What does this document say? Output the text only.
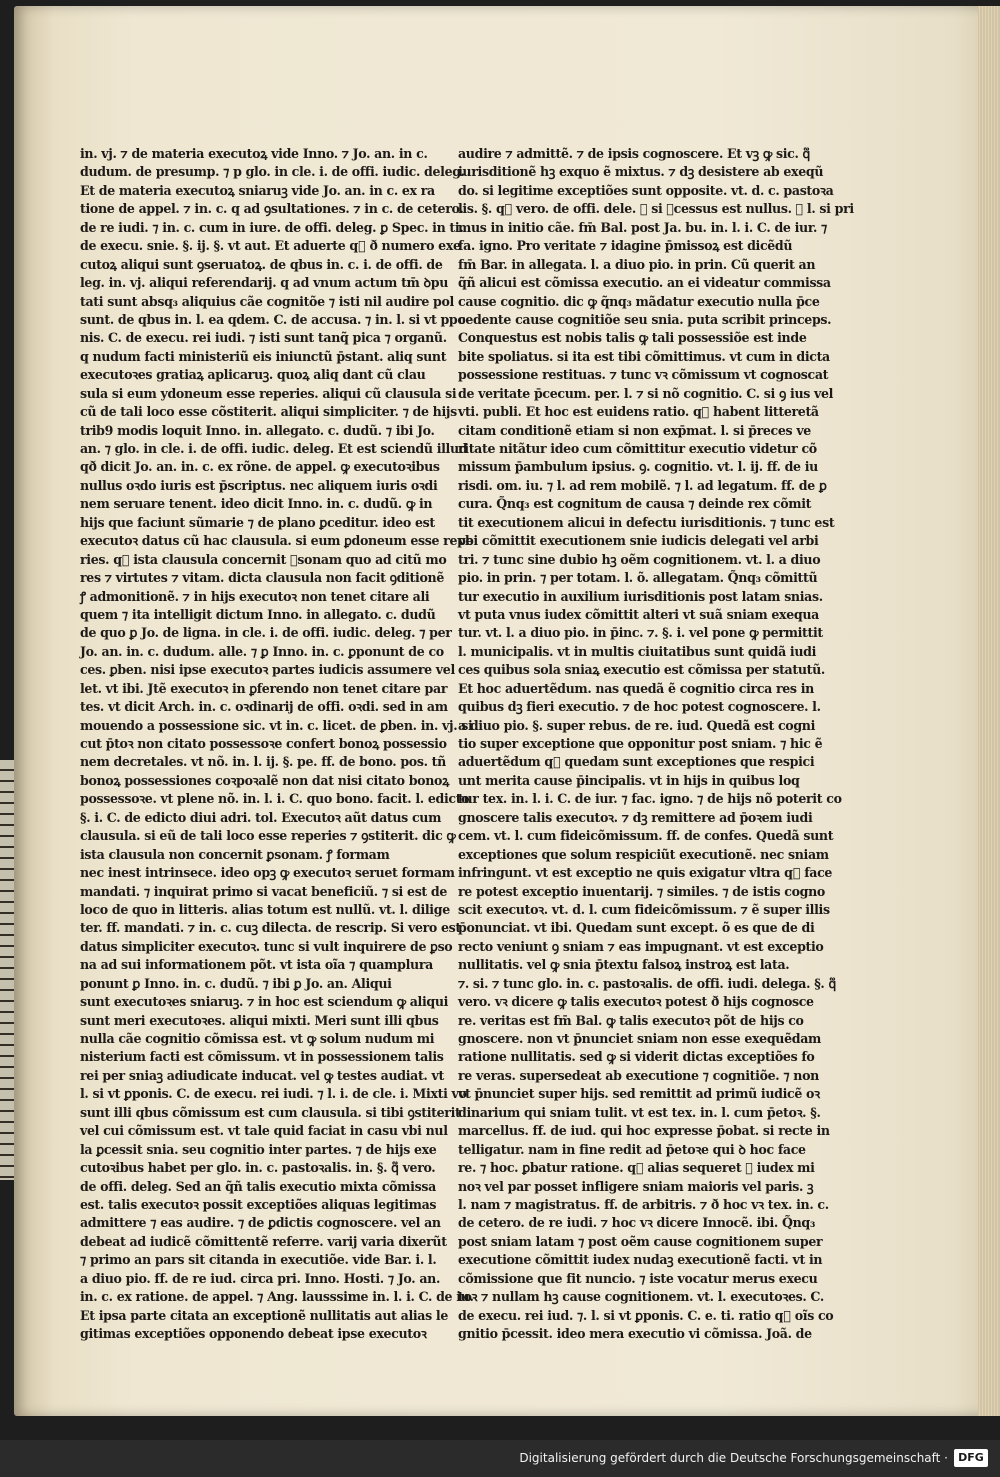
in. vj. ⁊ de materia executoꝝ vide Inno. ⁊ Jo. an. in c.
dudum. de presump. ⁊ p glo. in cle. i. de offi. iudic. deleg.
Et de materia executoꝝ sniaruꝫ vide Jo. an. in c. ex ra
tione de appel. ⁊ in. c. q ad ꝯsultationes. ⁊ in c. de cetero.
de re iudi. ⁊ in. c. cum in iure. de offi. deleg. ꝑ Spec. in ti.
de execu. snie. §. ij. §. vt aut. Et aduerte q᷑ ð numero exe
cutoꝝ aliqui sunt ꝯseruatoꝝ. de qbus in. c. i. de offi. de
leg. in. vj. aliqui referendarij. q ad vnum actum tm̄ ꝺpu
tati sunt absq₃ aliquius cãe cognitõe ⁊ isti nil audire pol
sunt. de qbus in. l. ea qdem. C. de accusa. ⁊ in. l. si vt ppo
nis. C. de execu. rei iudi. ⁊ isti sunt tanq̃ pica ⁊ organũ.
q nudum facti ministeriũ eis iniunctũ p̄stant. aliq sunt
executoꝛes gratiaꝝ aplicaruꝫ. quoꝝ aliq dant cũ clau
sula si eum ydoneum esse reperies. aliqui cũ clausula si
cũ de tali loco esse cõstiterit. aliqui simpliciter. ⁊ de hijs
trib9 modis loquit Inno. in. allegato. c. dudũ. ⁊ ibi Jo.
an. ⁊ glo. in cle. i. de offi. iudic. deleg. Et est sciendũ illud
qð dicit Jo. an. in. c. ex rõne. de appel. ꝙ executoꝛibus
nullus oꝛdo iuris est p̄scriptus. nec aliquem iuris oꝛdi
nem seruare tenent. ideo dicit Inno. in. c. dudũ. ꝙ in
hijs que faciunt sũmarie ⁊ de plano ꝑceditur. ideo est
executoꝛ datus cũ hac clausula. si eum ꝑdoneum esse repe
ries. q᷑ ista clausula concernit ꝑsonam quo ad citũ mo
res ⁊ virtutes ⁊ vitam. dicta clausula non facit ꝯditionẽ
ꝭ admonitionẽ. ⁊ in hijs executoꝛ non tenet citare ali
quem ⁊ ita intelligit dictum Inno. in allegato. c. dudũ
de quo ꝑ Jo. de ligna. in cle. i. de offi. iudic. deleg. ⁊ per
Jo. an. in. c. dudum. alle. ⁊ ꝑ Inno. in. c. ꝑponunt de co
ces. ꝑben. nisi ipse executoꝛ partes iudicis assumere vel
let. vt ibi. Jtẽ executoꝛ in ꝑferendo non tenet citare par
tes. vt dicit Arch. in. c. oꝛdinarij de offi. oꝛdi. sed in am
mouendo a possessione sic. vt in. c. licet. de ꝑben. in. vj. si
cut p̄toꝛ non citato possessoꝛe confert bonoꝝ possessio
nem decretales. vt nõ. in. l. ij. §. pe. ff. de bono. pos. tñ
bonoꝝ possessiones coꝛpoꝛalẽ non dat nisi citato bonoꝝ
possessoꝛe. vt plene nõ. in. l. i. C. quo bono. facit. l. edicto
§. i. C. de edicto diui adri. tol. Executoꝛ aũt datus cum
clausula. si eũ de tali loco esse reperies ⁊ ꝯstiterit. dic ꝙ
ista clausula non concernit ꝑsonam. ꝭ formam
nec inest intrinsece. ideo opꝫ ꝙ executoꝛ seruet formam
mandati. ⁊ inquirat primo si vacat beneficiũ. ⁊ si est de
loco de quo in litteris. alias totum est nullũ. vt. l. dilige
ter. ff. mandati. ⁊ in. c. cuꝫ dilecta. de rescrip. Si vero est
datus simpliciter executoꝛ. tunc si vult inquirere de ꝑso
na ad sui informationem põt. vt ista oĩa ⁊ quamplura
ponunt ꝑ Inno. in. c. dudũ. ⁊ ibi ꝑ Jo. an. Aliqui
sunt executoꝛes sniaruꝫ. ⁊ in hoc est sciendum ꝙ aliqui
sunt meri executoꝛes. aliqui mixti. Meri sunt illi qbus
nulla cãe cognitio cõmissa est. vt ꝙ solum nudum mi
nisterium facti est cõmissum. vt in possessionem talis
rei per sniaꝫ adiudicate inducat. vel ꝙ testes audiat. vt
l. si vt ꝑponis. C. de execu. rei iudi. ⁊ l. i. de cle. i. Mixti vo
sunt illi qbus cõmissum est cum clausula. si tibi ꝯstiterit
vel cui cõmissum est. vt tale quid faciat in casu vbi nul
la ꝑcessit snia. seu cognitio inter partes. ⁊ de hijs exe
cutoꝛibus habet per glo. in. c. pastoꝛalis. in. §. q᷑ vero.
de offi. deleg. Sed an q̃ñ talis executio mixta cõmissa
est. talis executoꝛ possit exceptiões aliquas legitimas
admittere ⁊ eas audire. ⁊ de ꝑdictis cognoscere. vel an
debeat ad iudicẽ cõmittentẽ referre. varij varia dixerũt
⁊ primo an pars sit citanda in executiõe. vide Bar. i. l.
a diuo pio. ff. de re iud. circa pri. Inno. Hosti. ⁊ Jo. an.
in. c. ex ratione. de appel. ⁊ Ang. lausssime in. l. i. C. de iu.
Et ipsa parte citata an exceptionẽ nullitatis aut alias le
gitimas exceptiões opponendo debeat ipse executoꝛ
audire ⁊ admittẽ. ⁊ de ipsis cognoscere. Et vꝫ ꝙ sic. q᷑
iurisditionẽ hꝫ exquo ẽ mixtus. ⁊ dꝫ desistere ab exeqũ
do. si legitime exceptiões sunt opposite. vt. d. c. pastoꝛa
lis. §. q᷑ vero. de offi. dele. ⁊ si ꝑcessus est nullus. ꝑ l. si pri
mus in initio cãe. fm̄ Bal. post Ja. bu. in. l. i. C. de iur. ⁊
fa. igno. Pro veritate ⁊ idagine p̄missoꝝ est dicẽdũ
fm̄ Bar. in allegata. l. a diuo pio. in prin. Cũ querit an
q̃ñ alicui est cõmissa executio. an ei videatur commissa
cause cognitio. dic ꝙ q̃nq₃ mãdatur executio nulla p̄ce
cedente cause cognitiõe seu snia. puta scribit princeps.
Conquestus est nobis talis ꝙ tali possessiõe est inde
bite spoliatus. si ita est tibi cõmittimus. vt cum in dicta
possessione restituas. ⁊ tunc vꝛ cõmissum vt cognoscat
de veritate p̄cecum. per. l. ⁊ si nõ cognitio. C. si ꝯ ius vel
vti. publi. Et hoc est euidens ratio. q᷑ habent litteretã
citam conditionẽ etiam si non exp̄mat. l. si p̄reces ve
ritate nitãtur ideo cum cõmittitur executio videtur cõ
missum p̄ambulum ipsius. ꝯ. cognitio. vt. l. ij. ff. de iu
risdi. om. iu. ⁊ l. ad rem mobilẽ. ⁊ l. ad legatum. ff. de ꝑ
cura. Q̃nq₃ est cognitum de causa ⁊ deinde rex cõmit
tit executionem alicui in defectu iurisditionis. ⁊ tunc est
vbi cõmittit executionem snie iudicis delegati vel arbi
tri. ⁊ tunc sine dubio hꝫ oẽm cognitionem. vt. l. a diuo
pio. in prin. ⁊ per totam. l. õ. allegatam. Q̃nq₃ cõmittũ
tur executio in auxilium iurisditionis post latam snias.
vt puta vnus iudex cõmittit alteri vt suã sniam exequa
tur. vt. l. a diuo pio. in p̄inc. ⁊. §. i. vel pone ꝙ permittit
l. municipalis. vt in multis ciuitatibus sunt quidã iudi
ces quibus sola sniaꝝ executio est cõmissa per statutũ.
Et hoc aduertẽdum. nas quedã ẽ cognitio circa res in
quibus dꝫ fieri executio. ⁊ de hoc potest cognoscere. l.
a diuo pio. §. super rebus. de re. iud. Quedã est cogni
tio super exceptione que opponitur post sniam. ⁊ hic ẽ
aduertẽdum q᷑ quedam sunt exceptiones que respici
unt merita cause p̄incipalis. vt in hijs in quibus loq
tur tex. in. l. i. C. de iur. ⁊ fac. igno. ⁊ de hijs nõ poterit co
gnoscere talis executoꝛ. ⁊ dꝫ remittere ad p̄oꝛem iudi
cem. vt. l. cum fideicõmissum. ff. de confes. Quedã sunt
exceptiones que solum respiciũt executionẽ. nec sniam
infringunt. vt est exceptio ne quis exigatur vltra q᷑ face
re potest exceptio inuentarij. ⁊ similes. ⁊ de istis cogno
scit executoꝛ. vt. d. l. cum fideicõmissum. ⁊ ẽ super illis
p̄onunciat. vt ibi. Quedam sunt except. õ es que de di
recto veniunt ꝯ sniam ⁊ eas impugnant. vt est exceptio
nullitatis. vel ꝙ snia p̄textu falsoꝝ instroꝝ est lata.
⁊. si. ⁊ tunc glo. in. c. pastoꝛalis. de offi. iudi. delega. §. q᷑
vero. vꝛ dicere ꝙ talis executoꝛ potest ð hijs cognosce
re. veritas est fm̄ Bal. ꝙ talis executoꝛ põt de hijs co
gnoscere. non vt p̄nunciet sniam non esse exequẽdam
ratione nullitatis. sed ꝙ si viderit dictas exceptiões fo
re veras. supersedeat ab executione ⁊ cognitiõe. ⁊ non
vt p̄nunciet super hijs. sed remittit ad primũ iudicẽ oꝛ
dinarium qui sniam tulit. vt est tex. in. l. cum p̄etoꝛ. §.
marcellus. ff. de iud. qui hoc expresse p̄obat. si recte in
telligatur. nam in fine redit ad p̄etoꝛe qui ꝺ hoc face
re. ⁊ hoc. ꝑbatur ratione. q᷑ alias sequeret ꝙ iudex mi
noꝛ vel par posset infligere sniam maioris vel paris. ꝫ
l. nam ⁊ magistratus. ff. de arbitris. ⁊ ð hoc vꝛ tex. in. c.
de cetero. de re iudi. ⁊ hoc vꝛ dicere Innocẽ. ibi. Q̃nq₃
post sniam latam ⁊ post oẽm cause cognitionem super
executione cõmittit iudex nudaꝫ executionẽ facti. vt in
cõmissione que fit nuncio. ⁊ iste vocatur merus execu
toꝛ ⁊ nullam hꝫ cause cognitionem. vt. l. executoꝛes. C.
de execu. rei iud. ⁊. l. si vt ꝑponis. C. e. ti. ratio q᷑ oĩs co
gnitio p̄cessit. ideo mera executio vi cõmissa. Joã. de
Digitalisierung gefördert durch die Deutsche Forschungsgemeinschaft · DFG
